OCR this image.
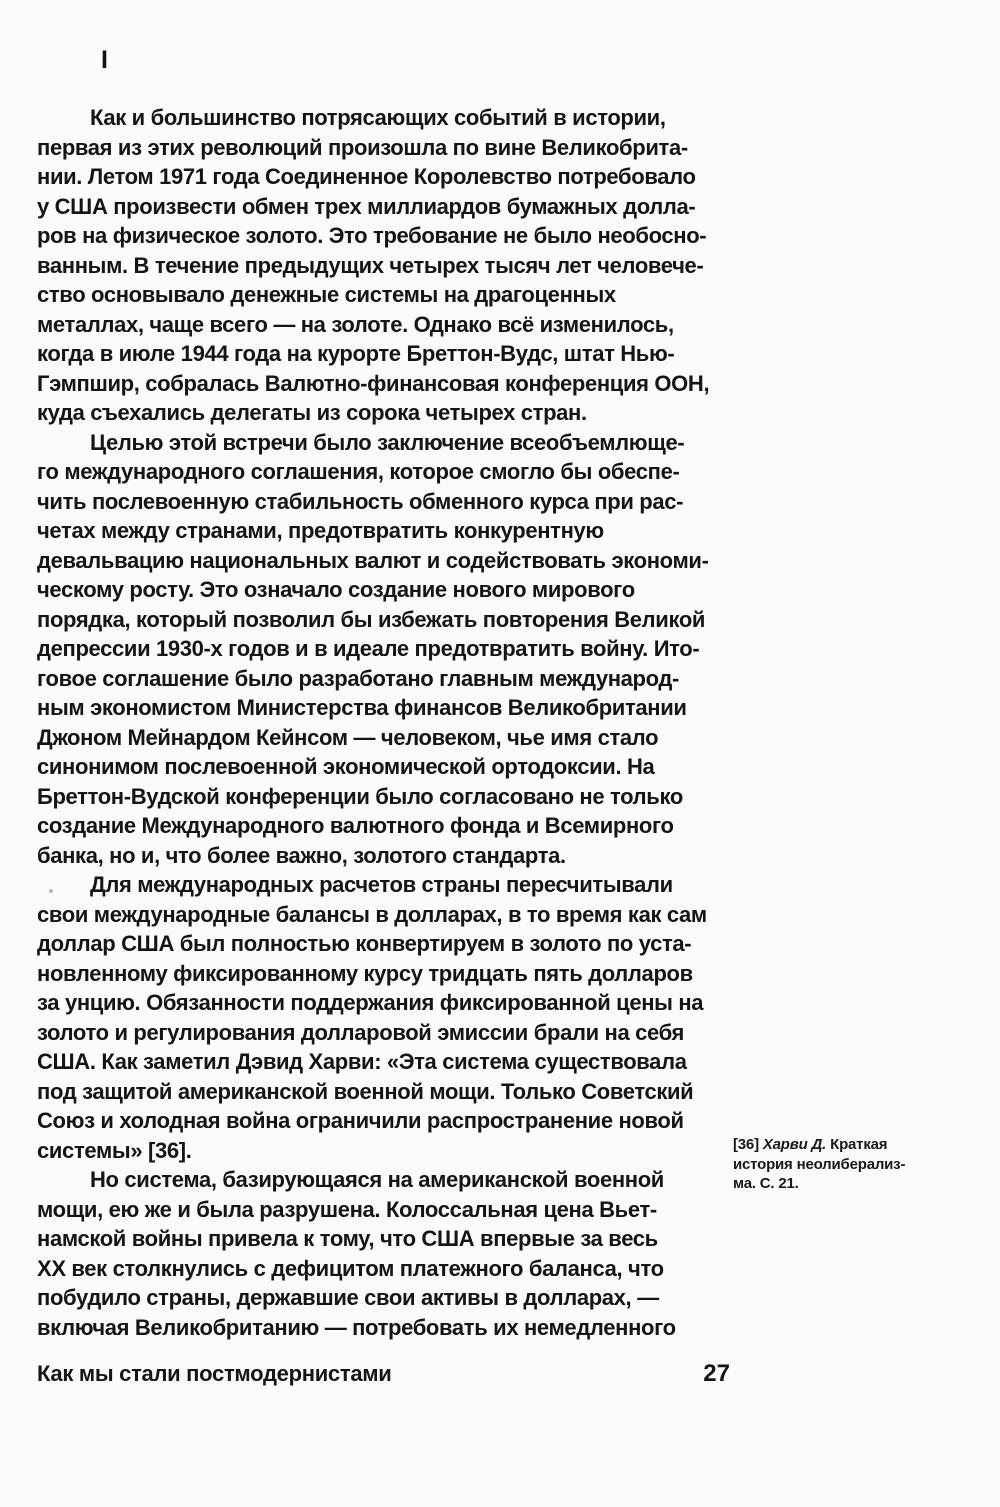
I

Как и большинство потрясающих событий в истории,
первая из этих революций произошла по вине Великобрита-
нии. Летом 1971 года Соединенное Королевство потребовало
у США произвести обмен трех миллиардов бумажных долла-
ров на физическое золото. Это требование не было необосно-
ванным. В течение предыдущих четырех тысяч лет человече-
ство основывало денежные системы на драгоценных
металлах, чаще всего — на золоте. Однако всё изменилось,
когда в июле 1944 года на курорте Бреттон-Вудс, штат Нью-
Гэмпшир, собралась Валютно-финансовая конференция ООН,
куда съехались делегаты из сорока четырех стран.

Целью этой встречи было заключение всеобъемлюще-
го международного соглашения, которое смогло бы обеспе-
чить послевоенную стабильность обменного курса при рас-
четах между странами, предотвратить конкурентную
девальвацию национальных валют и содействовать экономи-
ческому росту. Это означало создание нового мирового
порядка, который позволил бы избежать повторения Великой
депрессии 1930-х годов и в идеале предотвратить войну. Ито-
говое соглашение было разработано главным международ-
ным экономистом Министерства финансов Великобритании
Джоном Мейнардом Кейнсом — человеком, чье имя стало
синонимом послевоенной экономической ортодоксии. На
Бреттон-Вудской конференции было согласовано не только
создание Международного валютного фонда и Всемирного
банка, но и, что более важно, золотого стандарта.

Для международных расчетов страны пересчитывали
свои международные балансы в долларах, в то время как сам
доллар США был полностью конвертируем в золото по уста-
новленному фиксированному курсу тридцать пять долларов
за унцию. Обязанности поддержания фиксированной цены на
золото и регулирования долларовой эмиссии брали на себя
США. Как заметил Дэвид Харви: «Эта система существовала
под защитой американской военной мощи. Только Советский
Союз и холодная война ограничили распространение новой
системы» [36].

Но система, базирующаяся на американской военной
мощи, ею же и была разрушена. Колоссальная цена Вьет-
намской войны привела к тому, что США впервые за весь
XX век столкнулись с дефицитом платежного баланса, что
побудило страны, державшие свои активы в долларах, —
включая Великобританию — потребовать их немедленного

[36] Харви Д. Краткая
история неолиберализ-
ма. С. 21.
Как мы стали постмодернистами	27
